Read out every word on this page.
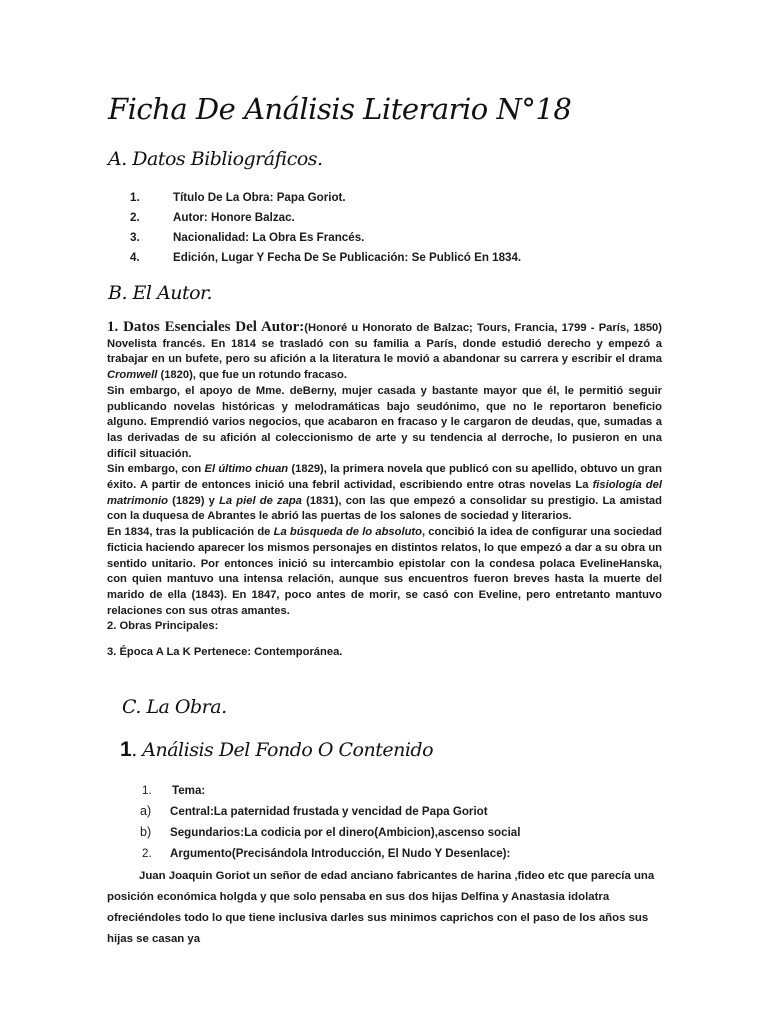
Ficha De Análisis Literario N°18
A. Datos Bibliográficos.
1.	Título De La Obra: Papa Goriot.
2.	Autor: Honore Balzac.
3.	Nacionalidad: La Obra Es Francés.
4.	Edición, Lugar Y Fecha De Se Publicación: Se Publicó En 1834.
B. El Autor.

1. Datos Esenciales Del Autor:(Honoré u Honorato de Balzac; Tours, Francia, 1799 - París, 1850) Novelista francés. En 1814 se trasladó con su familia a París, donde estudió derecho y empezó a trabajar en un bufete, pero su afición a la literatura le movió a abandonar su carrera y escribir el drama Cromwell (1820), que fue un rotundo fracaso.

Sin embargo, el apoyo de Mme. deBerny, mujer casada y bastante mayor que él, le permitió seguir publicando novelas históricas y melodramáticas bajo seudónimo, que no le reportaron beneficio alguno. Emprendió varios negocios, que acabaron en fracaso y le cargaron de deudas, que, sumadas a las derivadas de su afición al coleccionismo de arte y su tendencia al derroche, lo pusieron en una difícil situación.

Sin embargo, con El último chuan (1829), la primera novela que publicó con su apellido, obtuvo un gran éxito. A partir de entonces inició una febril actividad, escribiendo entre otras novelas La fisiología del matrimonio (1829) y La piel de zapa (1831), con las que empezó a consolidar su prestigio. La amistad con la duquesa de Abrantes le abrió las puertas de los salones de sociedad y literarios.

En 1834, tras la publicación de La búsqueda de lo absoluto, concibió la idea de configurar una sociedad ficticia haciendo aparecer los mismos personajes en distintos relatos, lo que empezó a dar a su obra un sentido unitario. Por entonces inició su intercambio epistolar con la condesa polaca EvelineHanska, con quien mantuvo una intensa relación, aunque sus encuentros fueron breves hasta la muerte del marido de ella (1843). En 1847, poco antes de morir, se casó con Eveline, pero entretanto mantuvo relaciones con sus otras amantes.

2. Obras Principales:

3. Época A La K Pertenece: Contemporánea.

C. La Obra.
1. Análisis Del Fondo O Contenido
1.	Tema:
a)	Central:La paternidad frustada y vencidad de Papa Goriot
b)	Segundarios:La codicia por el dinero(Ambicion),ascenso social
2.	Argumento(Precisándola Introducción, El Nudo Y Desenlace):

Juan Joaquin Goriot un señor de edad anciano fabricantes de harina ,fideo etc que parecía una posición económica holgda y que solo pensaba en sus dos hijas Delfina y Anastasia idolatra ofreciéndoles todo lo que tiene inclusiva darles sus minimos caprichos con el paso de los años sus hijas se casan ya
